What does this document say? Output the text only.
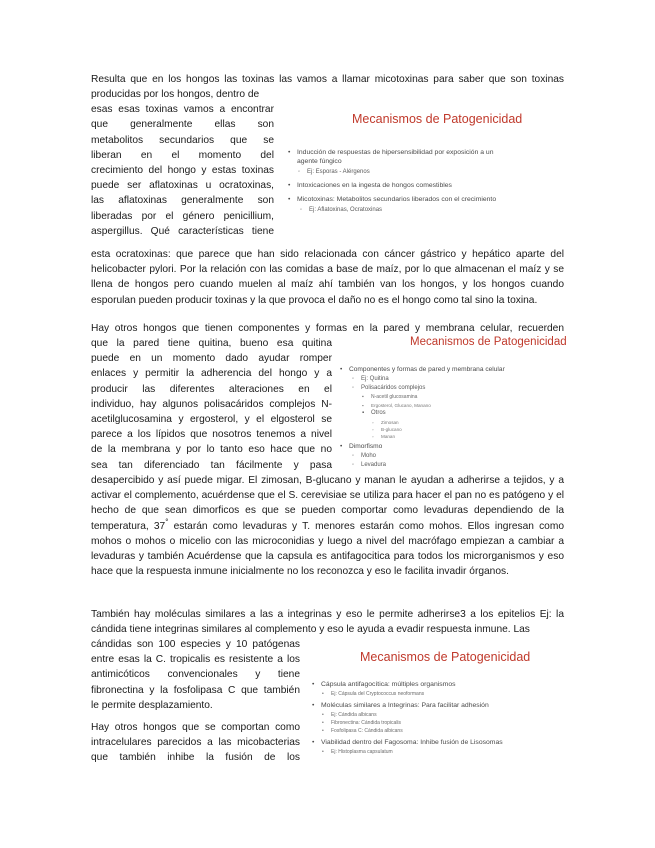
Resulta que en los hongos las toxinas las vamos a llamar micotoxinas para saber que son toxinas
producidas por los hongos, dentro de
esas esas toxinas vamos a encontrar
que generalmente ellas son
metabolitos secundarios que se
liberan en el momento del
crecimiento del hongo y estas toxinas
puede ser aflatoxinas u ocratoxinas,
las aflatoxinas generalmente son
liberadas por el género penicillium,
aspergillus. Qué características tiene
esta ocratoxinas: que parece que han sido relacionada con cáncer gástrico y hepático aparte del helicobacter pylori. Por la relación con las comidas a base de maíz, por lo que almacenan el maíz y se llena de hongos pero cuando muelen al maíz ahí también van los hongos, y los hongos cuando esporulan pueden producir toxinas y la que provoca el daño no es el hongo como tal sino la toxina.
Mecanismos de Patogenicidad
• Inducción de respuestas de hipersensibilidad por exposición a un
agente fúngico
◦ Ej: Esporas - Alérgenos
• Intoxicaciones en la ingesta de hongos comestibles
• Micotoxinas: Metabolitos secundarios liberados con el crecimiento
◦ Ej: Aflatoxinas, Ocratoxinas
Hay otros hongos que tienen componentes y formas en la pared y membrana celular, recuerden
que la pared tiene quitina, bueno esa quitina
puede en un momento dado ayudar romper
enlaces y permitir la adherencia del hongo y a
producir las diferentes alteraciones en el
individuo, hay algunos polisacáridos complejos N-
acetilglucosamina y ergosterol, y el elgosterol se
parece a los lípidos que nosotros tenemos a nivel
de la membrana y por lo tanto eso hace que no
sea tan diferenciado tan fácilmente y pasa
desapercibido y así puede migar. El zimosan, B-glucano y manan le ayudan a adherirse a tejidos, y a activar el complemento, acuérdense que el S. cerevisiae se utiliza para hacer el pan no es patógeno y el hecho de que sean dimorficos es que se pueden comportar como levaduras dependiendo de la temperatura, 37° estarán como levaduras y T. menores estarán como mohos. Ellos ingresan como mohos o mohos o micelio con las microconidias y luego a nivel del macrófago empiezan a cambiar a levaduras y también Acuérdense que la capsula es antifagocitica para todos los microrganismos y eso hace que la respuesta inmune inicialmente no los reconozca y eso le facilita invadir órganos.
Mecanismos de Patogenicidad
• Componentes y formas de pared y membrana celular
◦ Ej: Quitina
◦ Polisacáridos complejos
▪ N-acetil glucosamina
▪ Ergosterol, Glucano, Manano
▪ Otros
▫ Zimosan
▫ B-glucano
▫ Manan
• Dimorfismo
◦ Moho
◦ Levadura
También hay moléculas similares a las a integrinas y eso le permite adherirse3 a los epitelios Ej: la cándida tiene integrinas similares al complemento y eso le ayuda a evadir respuesta inmune. Las
cándidas son 100 especies y 10 patógenas
entre esas la C. tropicalis es resistente a los
antimicóticos convencionales y tiene
fibronectina y la fosfolipasa C que también
le permite desplazamiento.
Hay otros hongos que se comportan como
intracelulares parecidos a las micobacterias
que también inhibe la fusión de los
Mecanismos de Patogenicidad
• Cápsula antifagocítica: múltiples organismos
• Ej: Cápsula del Cryptococcus neoformans
• Moléculas similares a Integrinas: Para facilitar adhesión
• Ej: Cándida albicans
• Fibronectina: Cándida tropicalis
• Fosfolipasa C: Cándida albicans
• Viabilidad dentro del Fagosoma: Inhibe fusión de Lisosomas
• Ej: Histoplasma capsulatum
